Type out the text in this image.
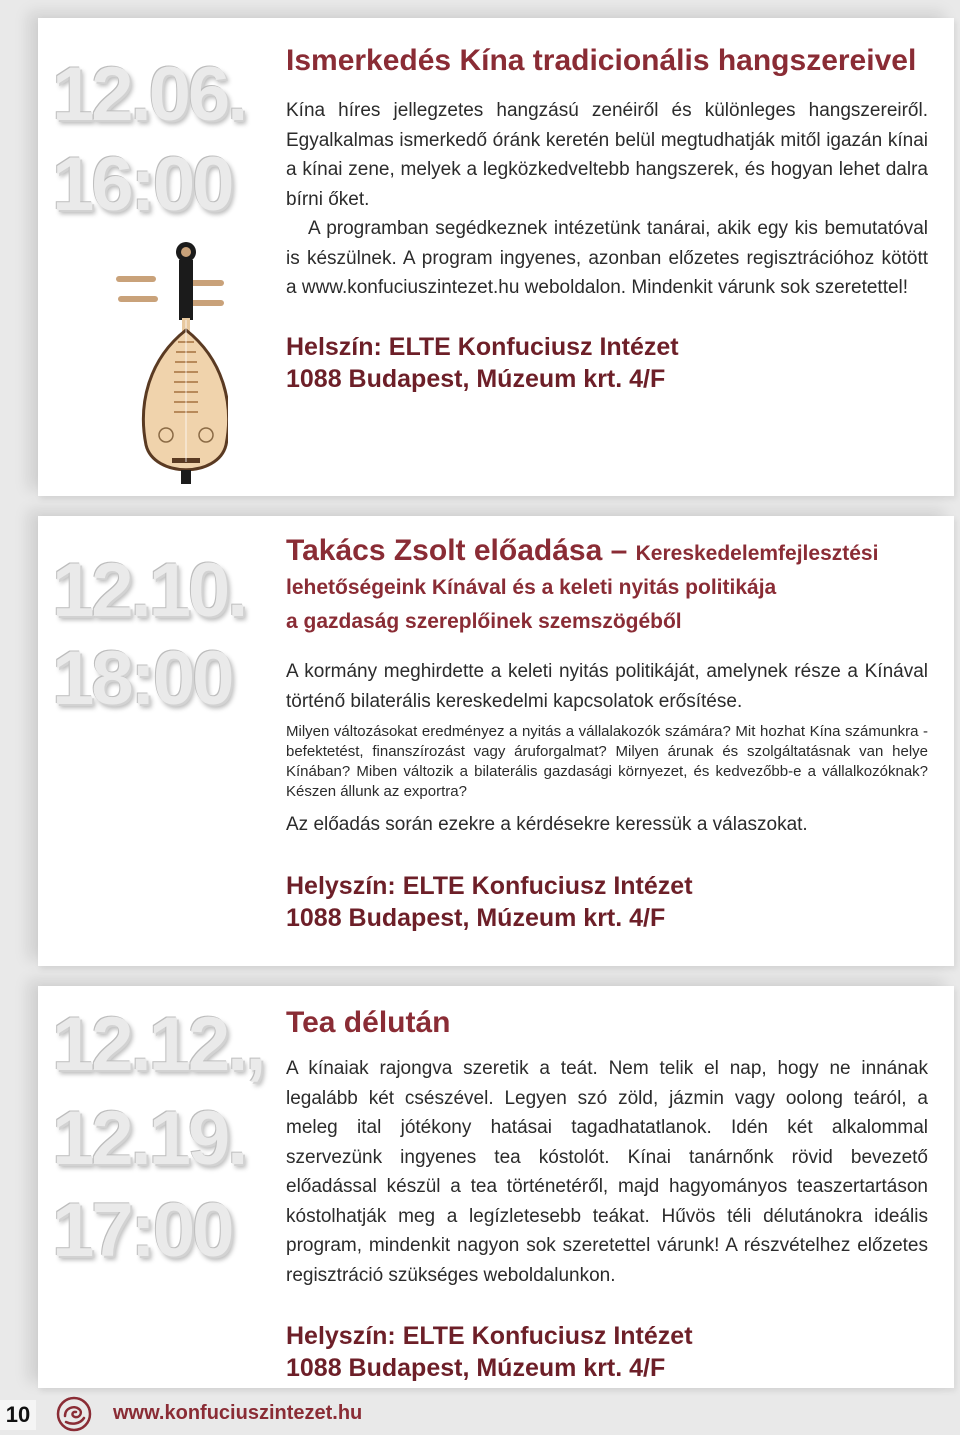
12.06.
16:00
Ismerkedés Kína tradicionális hangszereivel

Kína híres jellegzetes hangzású zenéiről és különleges hangszereiről. Egyalkalmas ismerkedő óránk keretén belül megtudhatják mitől igazán kínai a kínai zene, melyek a legközkedveltebb hangszerek, és hogyan lehet dalra bírni őket.

A programban segédkeznek intézetünk tanárai, akik egy kis bemutatóval is készülnek. A program ingyenes, azonban előzetes regisztrációhoz kötött a www.konfuciuszintezet.hu weboldalon. Mindenkit várunk sok szeretettel!

Helszín: ELTE Konfuciusz Intézet

1088 Budapest, Múzeum krt. 4/F

12.10.
18:00
Takács Zsolt előadása – Kereskedelemfejlesztési

lehetőségeink Kínával és a keleti nyitás politikája

a gazdaság szereplőinek szemszögéből

A kormány meghirdette a keleti nyitás politikáját, amelynek része a Kínával történő bilaterális kereskedelmi kapcsolatok erősítése.

Milyen változásokat eredményez a nyitás a vállalakozók számára? Mit hozhat Kína számunkra - befektetést, finanszírozást vagy áruforgalmat? Milyen árunak és szolgáltatásnak van helye Kínában? Miben változik a bilaterális gazdasági környezet, és kedvezőbb-e a vállalkozóknak? Készen állunk az exportra?

Az előadás során ezekre a kérdésekre keressük a válaszokat.

Helyszín: ELTE Konfuciusz Intézet

1088 Budapest, Múzeum krt. 4/F

12.12.,
12.19.
17:00
Tea délután

A kínaiak rajongva szeretik a teát. Nem telik el nap, hogy ne innának legalább két csészével. Legyen szó zöld, jázmin vagy oolong teáról, a meleg ital jótékony hatásai tagadhatatlanok. Idén két alkalommal szervezünk ingyenes tea kóstolót. Kínai tanárnőnk rövid bevezető előadással készül a tea történetéről, majd hagyományos teaszertartáson kóstolhatják meg a legízletesebb teákat. Hűvös téli délutánokra ideális program, mindenkit nagyon sok szeretettel várunk! A részvételhez előzetes regisztráció szükséges weboldalunkon.

Helyszín: ELTE Konfuciusz Intézet

1088 Budapest, Múzeum krt. 4/F

10	www.konfuciuszintezet.hu
